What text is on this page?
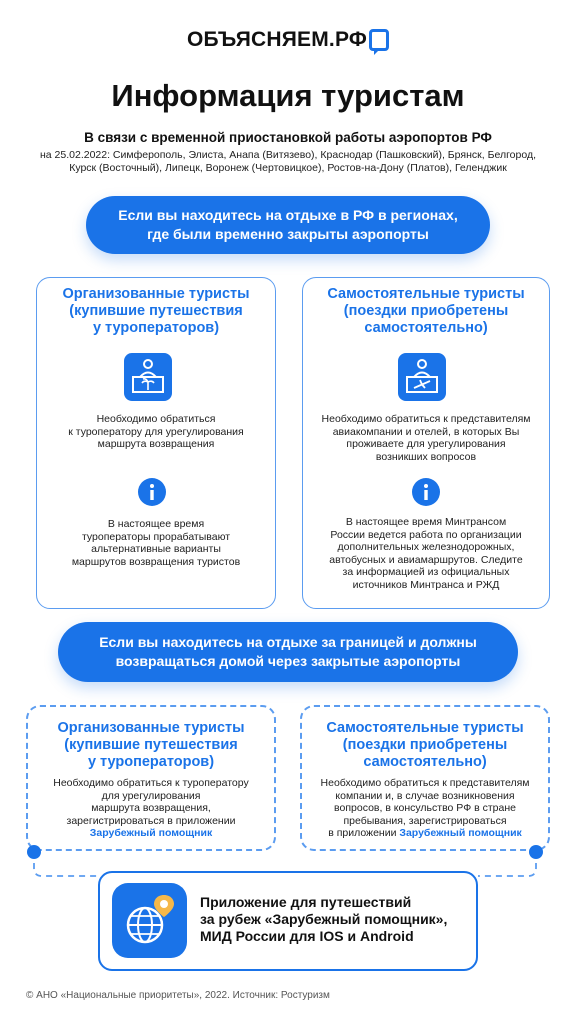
ОБЪЯСНЯЕМ.РФ
Информация туристам
В связи с временной приостановкой работы аэропортов РФ
на 25.02.2022: Симферополь, Элиста, Анапа (Витязево), Краснодар (Пашковский), Брянск, Белгород,
Курск (Восточный), Липецк, Воронеж (Чертовицкое), Ростов-на-Дону (Платов), Геленджик
Если вы находитесь на отдыхе в РФ в регионах,
где были временно закрыты аэропорты
Организованные туристы
(купившие путешествия
у туроператоров)
Необходимо обратиться
к туроператору для урегулирования
маршрута возвращения
В настоящее время
туроператоры прорабатывают
альтернативные варианты
маршрутов возвращения туристов
Самостоятельные туристы
(поездки приобретены
самостоятельно)
Необходимо обратиться к представителям
авиакомпании и отелей, в которых Вы
проживаете для урегулирования
возникших вопросов
В настоящее время Минтрансом
России ведется работа по организации
дополнительных железнодорожных,
автобусных и авиамаршрутов. Следите
за информацией из официальных
источников Минтранса и РЖД
Если вы находитесь на отдыхе за границей и должны
возвращаться домой через закрытые аэропорты
Организованные туристы
(купившие путешествия
у туроператоров)
Необходимо обратиться к туроператору
для урегулирования
маршрута возвращения,
зарегистрироваться в приложении
Зарубежный помощник
Самостоятельные туристы
(поездки приобретены
самостоятельно)
Необходимо обратиться к представителям
компании и, в случае возникновения
вопросов, в консульство РФ в стране
пребывания, зарегистрироваться
в приложении Зарубежный помощник
Приложение для путешествий
за рубеж «Зарубежный помощник»,
МИД России для IOS и Android
© АНО «Национальные приоритеты», 2022. Источник: Ростуризм
